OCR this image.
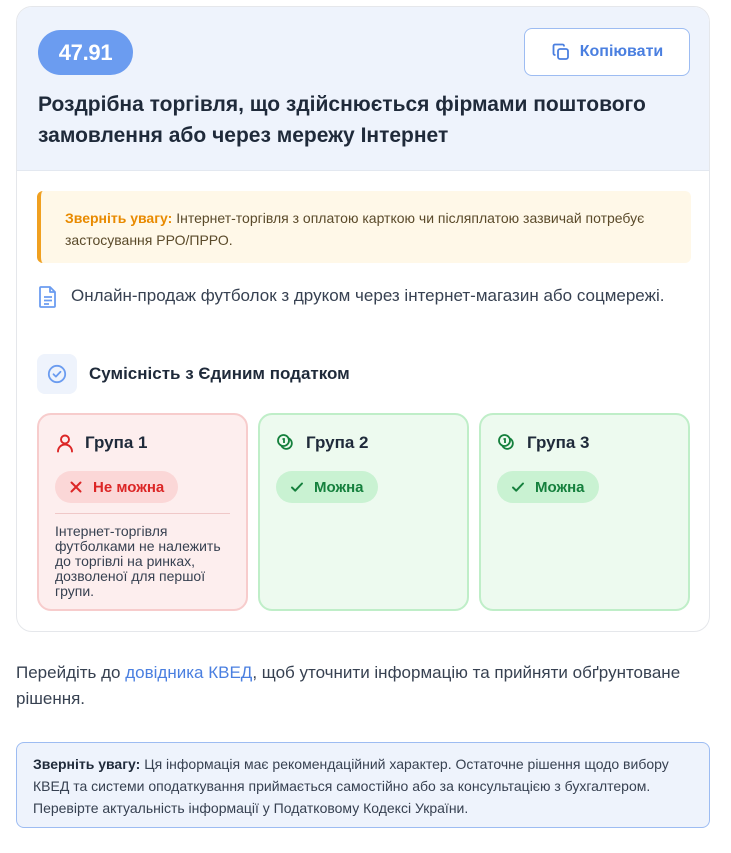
47.91	Копіювати
Роздрібна торгівля, що здійснюється фірмами поштового замовлення або через мережу Інтернет
Зверніть увагу: Інтернет-торгівля з оплатою карткою чи післяплатою зазвичай потребує застосування РРО/ПРРО.
Онлайн-продаж футболок з друком через інтернет-магазин або соцмережі.
Сумісність з Єдиним податком
Група 1
Не можна
Інтернет-торгівля футболками не належить до торгівлі на ринках, дозволеної для першої групи.
Група 2
Можна
Група 3
Можна
Перейдіть до довідника КВЕД, щоб уточнити інформацію та прийняти обґрунтоване рішення.
Зверніть увагу: Ця інформація має рекомендаційний характер. Остаточне рішення щодо вибору КВЕД та системи оподаткування приймається самостійно або за консультацією з бухгалтером. Перевірте актуальність інформації у Податковому Кодексі України.
